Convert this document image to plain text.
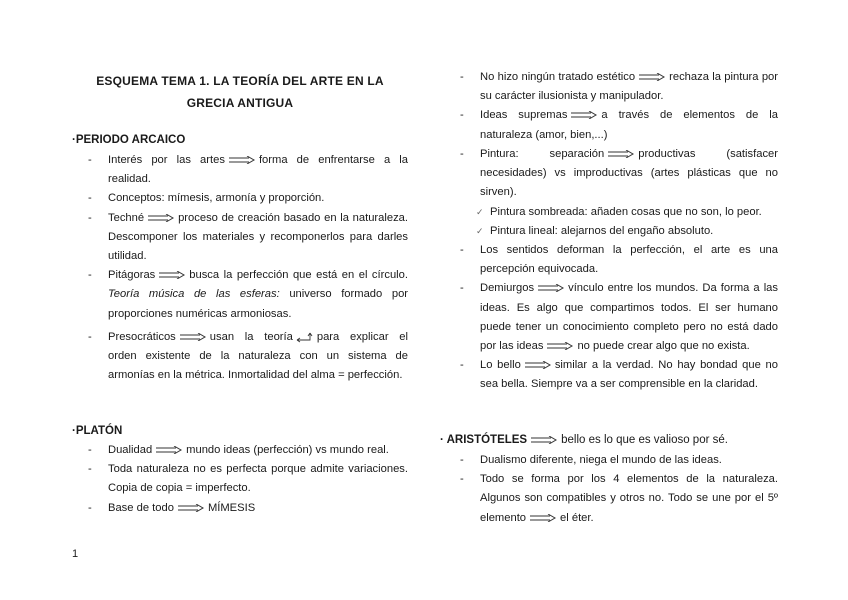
ESQUEMA TEMA 1. LA TEORÍA DEL ARTE EN LA
GRECIA ANTIGUA
·PERIODO ARCAICO
- Interés por las artes	forma de enfrentarse a la realidad.
- Conceptos: mímesis, armonía y proporción.
- Techné	proceso de creación basado en la naturaleza. Descomponer los materiales y recomponerlos para darles utilidad.
- Pitágoras	busca la perfección que está en el círculo. Teoría música de las esferas: universo formado por proporciones numéricas armoniosas.
- Presocráticos	usan la teoría para explicar el orden existente de la naturaleza con un sistema de armonías en la métrica. Inmortalidad del alma = perfección.
·PLATÓN
- Dualidad	mundo ideas (perfección) vs mundo real.
- Toda naturaleza no es perfecta porque admite variaciones. Copia de copia = imperfecto.
- Base de todo	MÍMESIS
- No hizo ningún tratado estético	rechaza la pintura por su carácter ilusionista y manipulador.
- Ideas supremas	a través de elementos de la naturaleza (amor, bien,...)
- Pintura: separación	productivas (satisfacer necesidades) vs improductivas (artes plásticas que no sirven).
✓ Pintura sombreada: añaden cosas que no son, lo peor.
✓ Pintura lineal: alejarnos del engaño absoluto.
- Los sentidos deforman la perfección, el arte es una percepción equivocada.
- Demiurgos	vínculo entre los mundos. Da forma a las ideas. Es algo que compartimos todos. El ser humano puede tener un conocimiento completo pero no está dado por las ideas	no puede crear algo que no exista.
- Lo bello	similar a la verdad. No hay bondad que no sea bella. Siempre va a ser comprensible en la claridad.
· ARISTÓTELES	bello es lo que es valioso por sé.
- Dualismo diferente, niega el mundo de las ideas.
- Todo se forma por los 4 elementos de la naturaleza. Algunos son compatibles y otros no. Todo se une por el 5º elemento	el éter.
1
